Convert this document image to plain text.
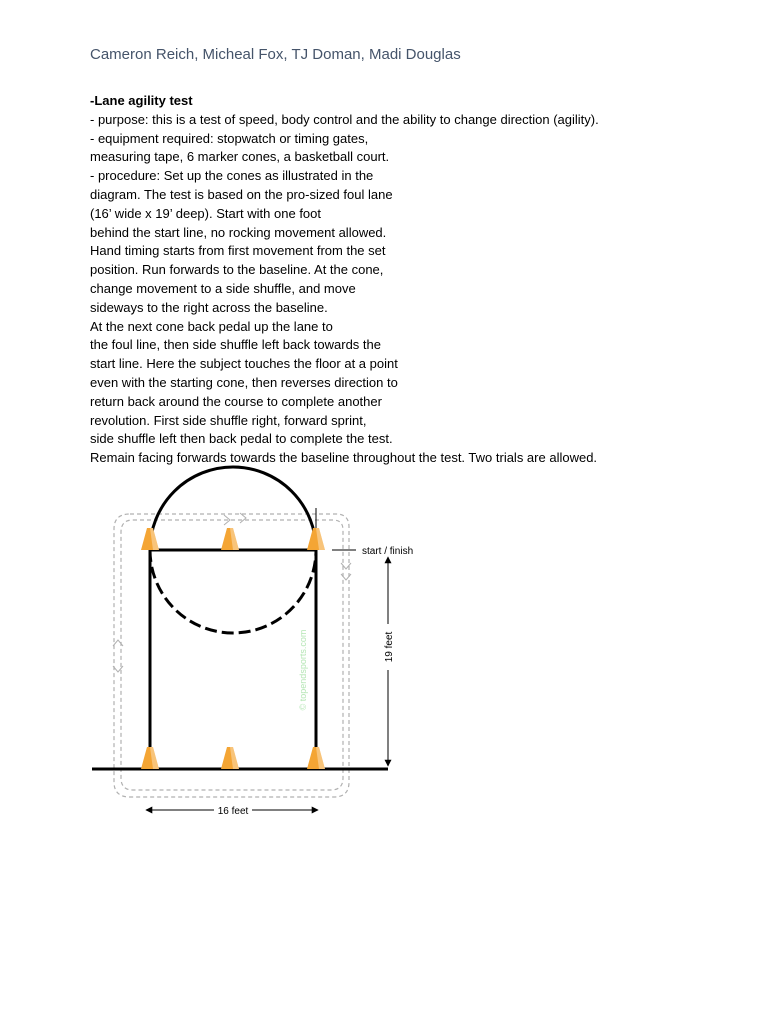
Cameron Reich, Micheal Fox, TJ Doman, Madi Douglas

-Lane agility test

- purpose: this is a test of speed, body control and the ability to change direction (agility).

- equipment required: stopwatch or timing gates,

measuring tape, 6 marker cones, a basketball court.

- procedure: Set up the cones as illustrated in the

diagram. The test is based on the pro-sized foul lane

(16’ wide x 19’ deep). Start with one foot

behind the start line, no rocking movement allowed.

Hand timing starts from first movement from the set

position. Run forwards to the baseline. At the cone,

change movement to a side shuffle, and move

sideways to the right across the baseline.

At the next cone back pedal up the lane to

the foul line, then side shuffle left back towards the

start line. Here the subject touches the floor at a point

even with the starting cone, then reverses direction to

return back around the course to complete another

revolution. First side shuffle right, forward sprint,

side shuffle left then back pedal to complete the test.

Remain facing forwards towards the baseline throughout the test. Two trials are allowed.

start / finish
19 feet
16 feet
© topendsports.com
